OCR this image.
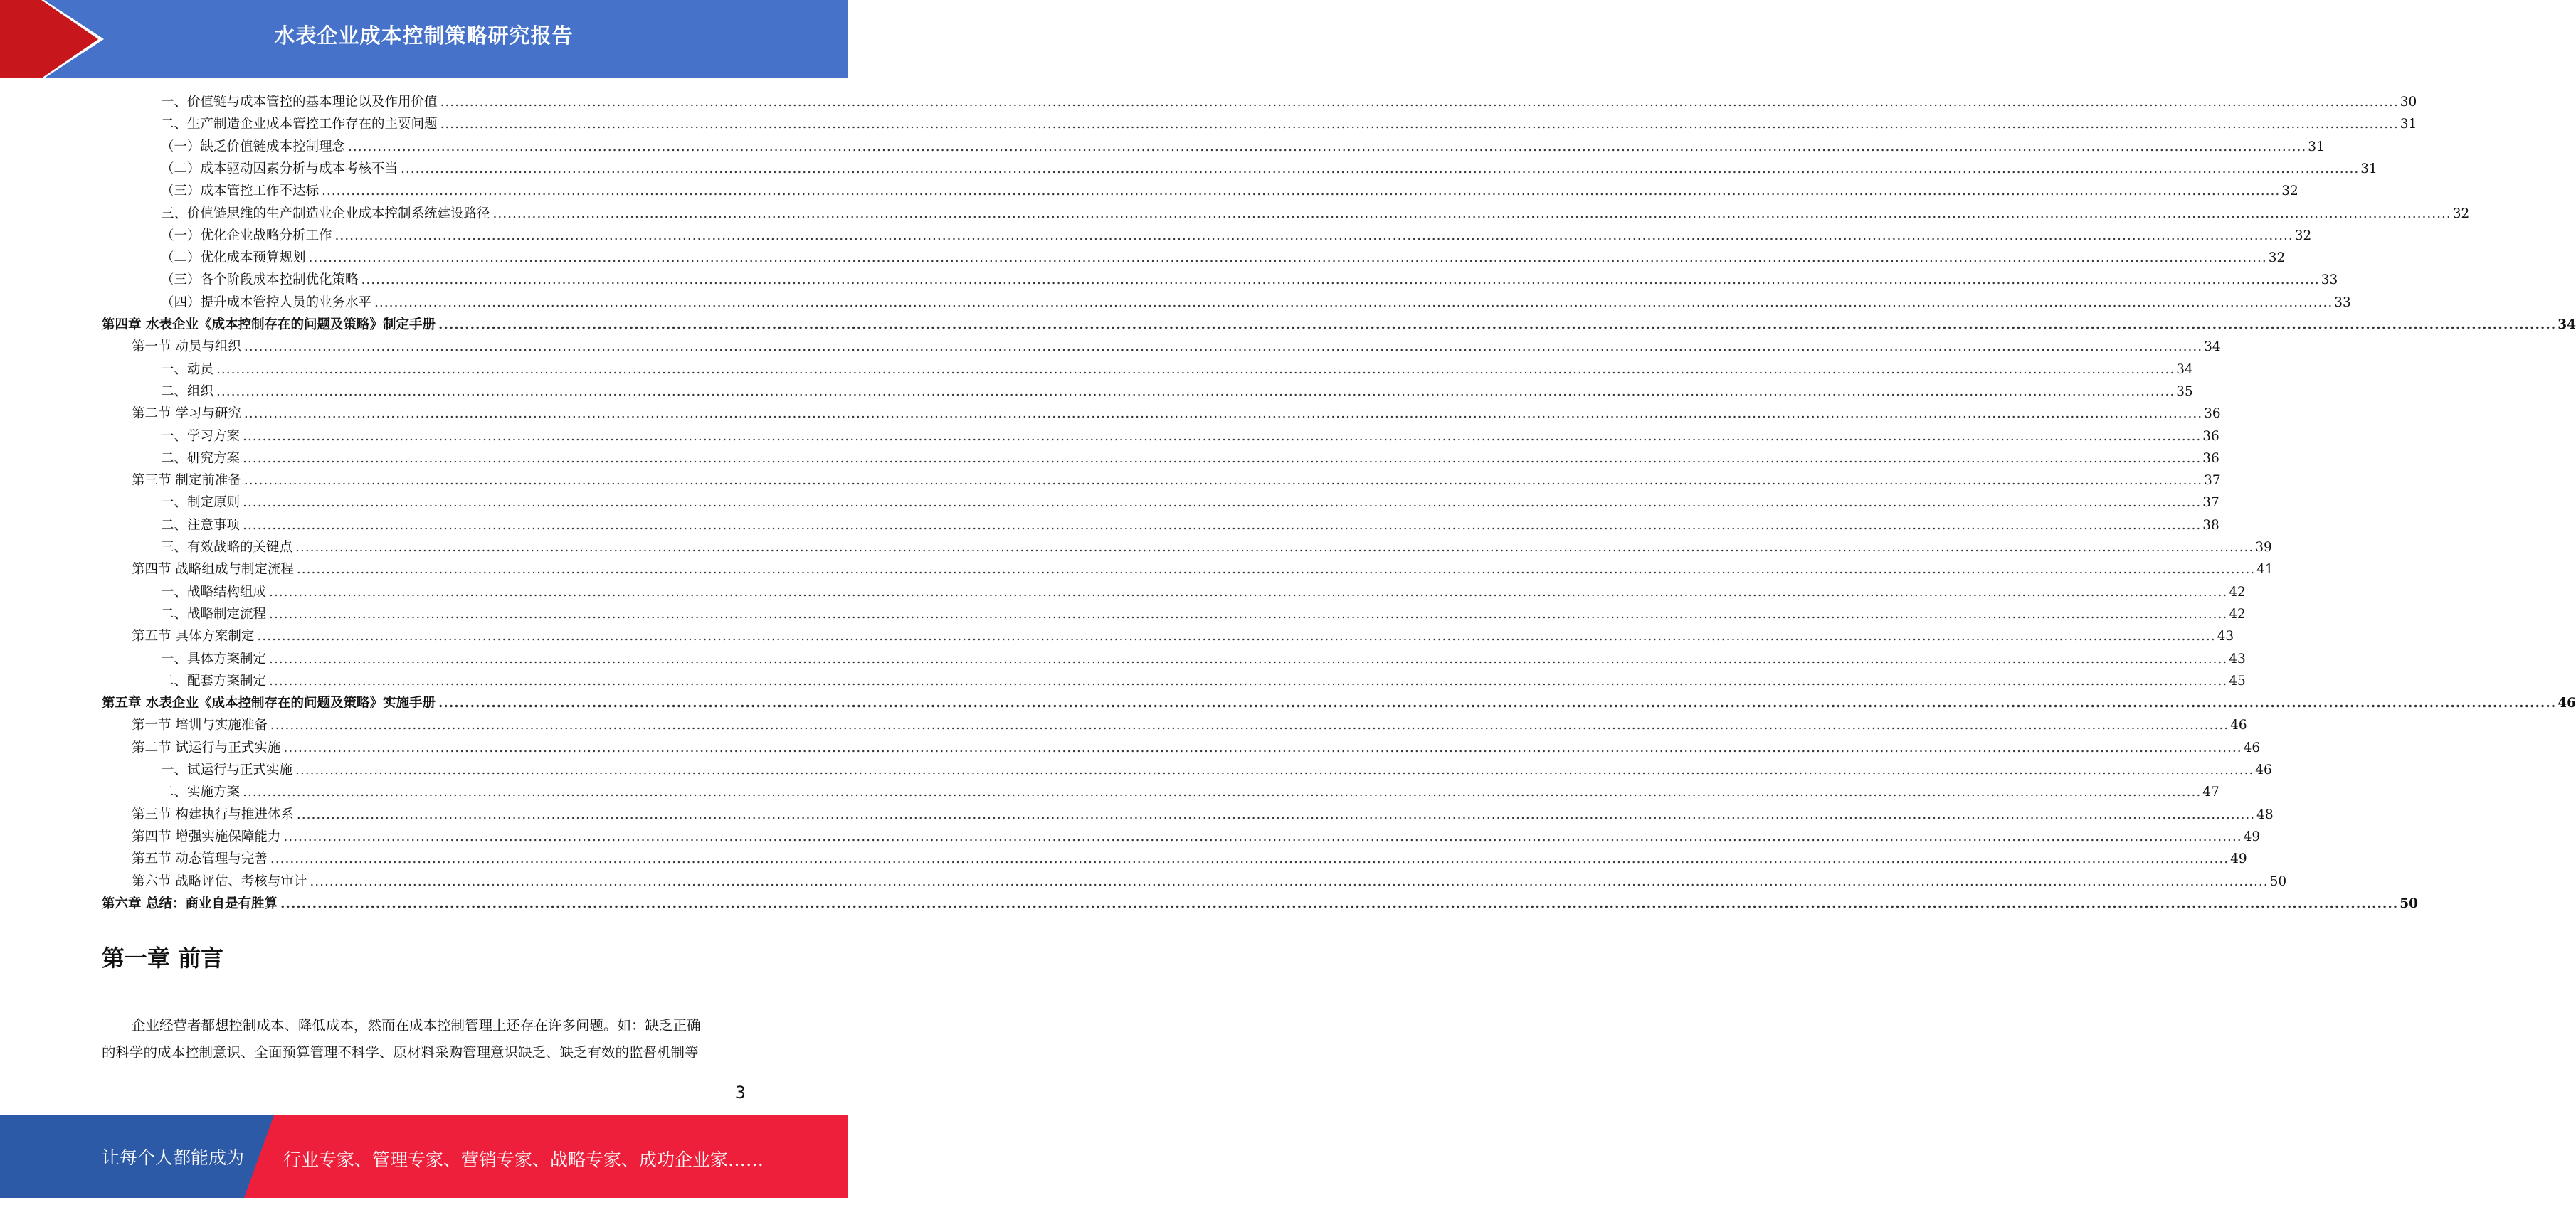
水表企业成本控制策略研究报告
一、价值链与成本管控的基本理论以及作用价值 ................................................................................................................................................................................................................................................................................................................................................................................................................ 30
二、生产制造企业成本管控工作存在的主要问题 ................................................................................................................................................................................................................................................................................................................................................................................................................ 31
（一）缺乏价值链成本控制理念 ................................................................................................................................................................................................................................................................................................................................................................................................................ 31
（二）成本驱动因素分析与成本考核不当 ................................................................................................................................................................................................................................................................................................................................................................................................................ 31
（三）成本管控工作不达标 ................................................................................................................................................................................................................................................................................................................................................................................................................ 32
三、价值链思维的生产制造业企业成本控制系统建设路径 ................................................................................................................................................................................................................................................................................................................................................................................................................ 32
（一）优化企业战略分析工作 ................................................................................................................................................................................................................................................................................................................................................................................................................ 32
（二）优化成本预算规划 ................................................................................................................................................................................................................................................................................................................................................................................................................ 32
（三）各个阶段成本控制优化策略 ................................................................................................................................................................................................................................................................................................................................................................................................................ 33
（四）提升成本管控人员的业务水平 ................................................................................................................................................................................................................................................................................................................................................................................................................ 33
第四章 水表企业《成本控制存在的问题及策略》制定手册 ................................................................................................................................................................................................................................................................................................................................................................................................................ 34
第一节 动员与组织 ................................................................................................................................................................................................................................................................................................................................................................................................................ 34
一、动员 ................................................................................................................................................................................................................................................................................................................................................................................................................ 34
二、组织 ................................................................................................................................................................................................................................................................................................................................................................................................................ 35
第二节 学习与研究 ................................................................................................................................................................................................................................................................................................................................................................................................................ 36
一、学习方案 ................................................................................................................................................................................................................................................................................................................................................................................................................ 36
二、研究方案 ................................................................................................................................................................................................................................................................................................................................................................................................................ 36
第三节 制定前准备 ................................................................................................................................................................................................................................................................................................................................................................................................................ 37
一、制定原则 ................................................................................................................................................................................................................................................................................................................................................................................................................ 37
二、注意事项 ................................................................................................................................................................................................................................................................................................................................................................................................................ 38
三、有效战略的关键点 ................................................................................................................................................................................................................................................................................................................................................................................................................ 39
第四节 战略组成与制定流程 ................................................................................................................................................................................................................................................................................................................................................................................................................ 41
一、战略结构组成 ................................................................................................................................................................................................................................................................................................................................................................................................................ 42
二、战略制定流程 ................................................................................................................................................................................................................................................................................................................................................................................................................ 42
第五节 具体方案制定 ................................................................................................................................................................................................................................................................................................................................................................................................................ 43
一、具体方案制定 ................................................................................................................................................................................................................................................................................................................................................................................................................ 43
二、配套方案制定 ................................................................................................................................................................................................................................................................................................................................................................................................................ 45
第五章 水表企业《成本控制存在的问题及策略》实施手册 ................................................................................................................................................................................................................................................................................................................................................................................................................ 46
第一节 培训与实施准备 ................................................................................................................................................................................................................................................................................................................................................................................................................ 46
第二节 试运行与正式实施 ................................................................................................................................................................................................................................................................................................................................................................................................................ 46
一、试运行与正式实施 ................................................................................................................................................................................................................................................................................................................................................................................................................ 46
二、实施方案 ................................................................................................................................................................................................................................................................................................................................................................................................................ 47
第三节 构建执行与推进体系 ................................................................................................................................................................................................................................................................................................................................................................................................................ 48
第四节 增强实施保障能力 ................................................................................................................................................................................................................................................................................................................................................................................................................ 49
第五节 动态管理与完善 ................................................................................................................................................................................................................................................................................................................................................................................................................ 49
第六节 战略评估、考核与审计 ................................................................................................................................................................................................................................................................................................................................................................................................................ 50
第六章 总结：商业自是有胜算 ................................................................................................................................................................................................................................................................................................................................................................................................................ 50
第一章 前言

企业经营者都想控制成本、降低成本，然而在成本控制管理上还存在许多问题。如：缺乏正确
的科学的成本控制意识、全面预算管理不科学、原材料采购管理意识缺乏、缺乏有效的监督机制等

3
让每个人都能成为 行业专家、管理专家、营销专家、战略专家、成功企业家……
